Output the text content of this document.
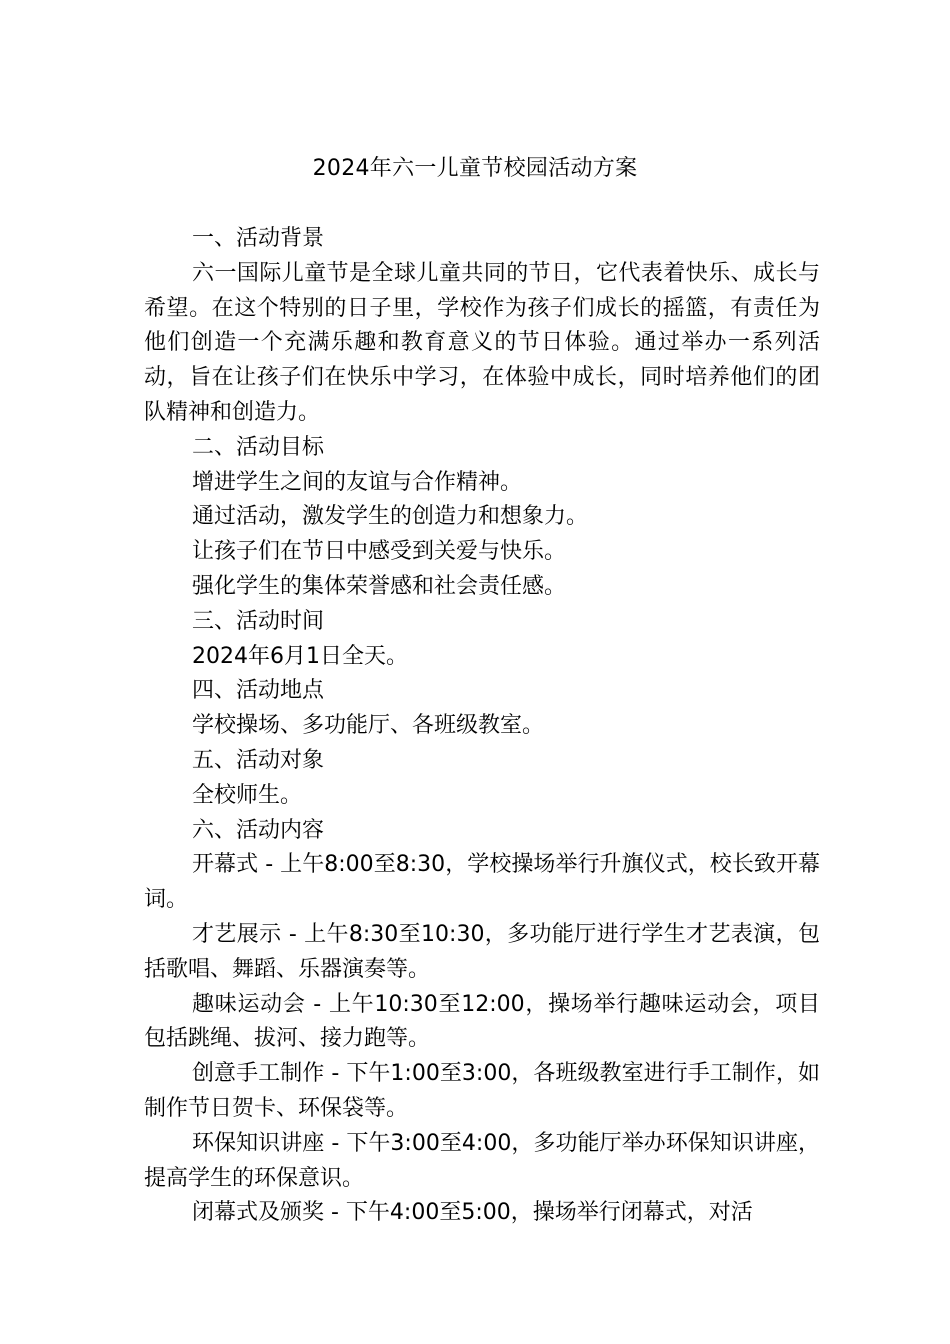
2024年六一儿童节校园活动方案

一、活动背景

六一国际儿童节是全球儿童共同的节日，它代表着快乐、成长与希望。在这个特别的日子里，学校作为孩子们成长的摇篮，有责任为他们创造一个充满乐趣和教育意义的节日体验。通过举办一系列活动，旨在让孩子们在快乐中学习，在体验中成长，同时培养他们的团队精神和创造力。

二、活动目标

增进学生之间的友谊与合作精神。

通过活动，激发学生的创造力和想象力。

让孩子们在节日中感受到关爱与快乐。

强化学生的集体荣誉感和社会责任感。

三、活动时间

2024年6月1日全天。

四、活动地点

学校操场、多功能厅、各班级教室。

五、活动对象

全校师生。

六、活动内容

开幕式 - 上午8:00至8:30，学校操场举行升旗仪式，校长致开幕词。

才艺展示 - 上午8:30至10:30，多功能厅进行学生才艺表演，包括歌唱、舞蹈、乐器演奏等。

趣味运动会 - 上午10:30至12:00，操场举行趣味运动会，项目包括跳绳、拔河、接力跑等。

创意手工制作 - 下午1:00至3:00，各班级教室进行手工制作，如制作节日贺卡、环保袋等。

环保知识讲座 - 下午3:00至4:00，多功能厅举办环保知识讲座，提高学生的环保意识。

闭幕式及颁奖 - 下午4:00至5:00，操场举行闭幕式，对活
